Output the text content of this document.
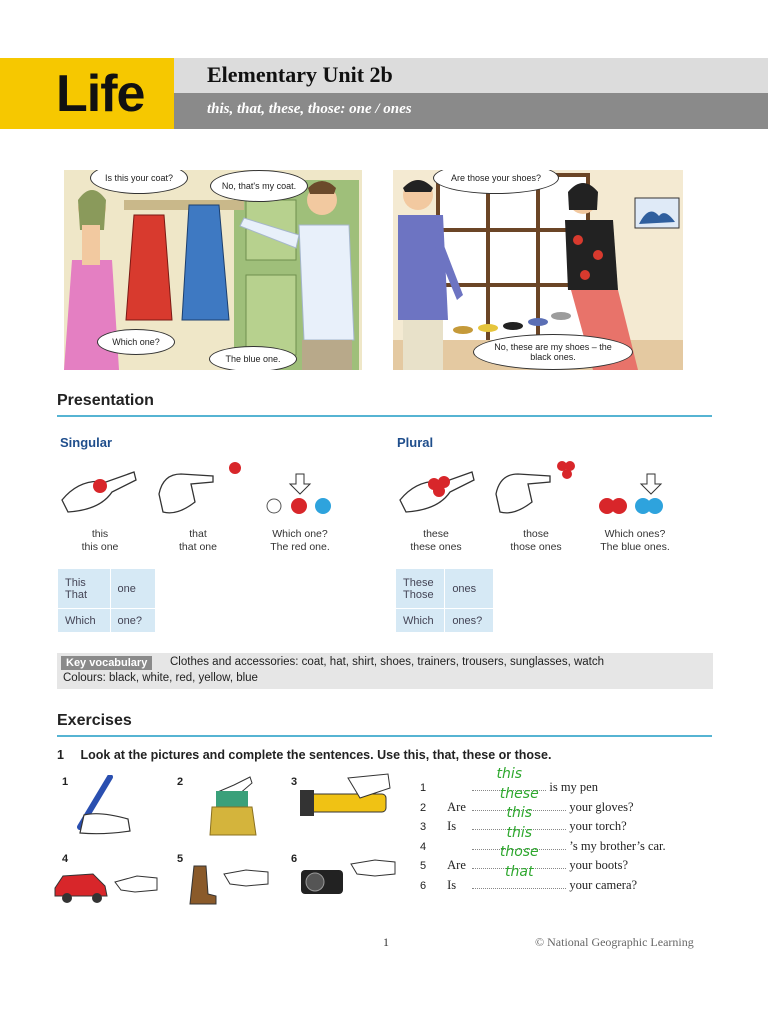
Life	Elementary Unit 2b
this, that, these, those: one / ones
Is this your coat?
No, that's my coat.
Which one?
The blue one.
Are those your shoes?
No, these are my shoes – the black ones.
Presentation
Singular	Plural
this
this one
that
that one
Which one?
The red one.
these
these ones
those
those ones
Which ones?
The blue ones.
This
That	one
Which	one?
These
Those	ones
Which	ones?
Key vocabulary	Clothes and accessories: coat, hat, shirt, shoes, trainers, trousers, sunglasses, watch
Colours: black, white, red, yellow, blue
Exercises
1 Look at the pictures and complete the sentences. Use this, that, these or those.
1	2	3
4	5	6
1
this
is my pen
2 Are
these
your gloves?
3 Is
this
your torch?
4
this
’s my brother’s car.
5 Are
those
your boots?
6 Is
that
your camera?
1	© National Geographic Learning
